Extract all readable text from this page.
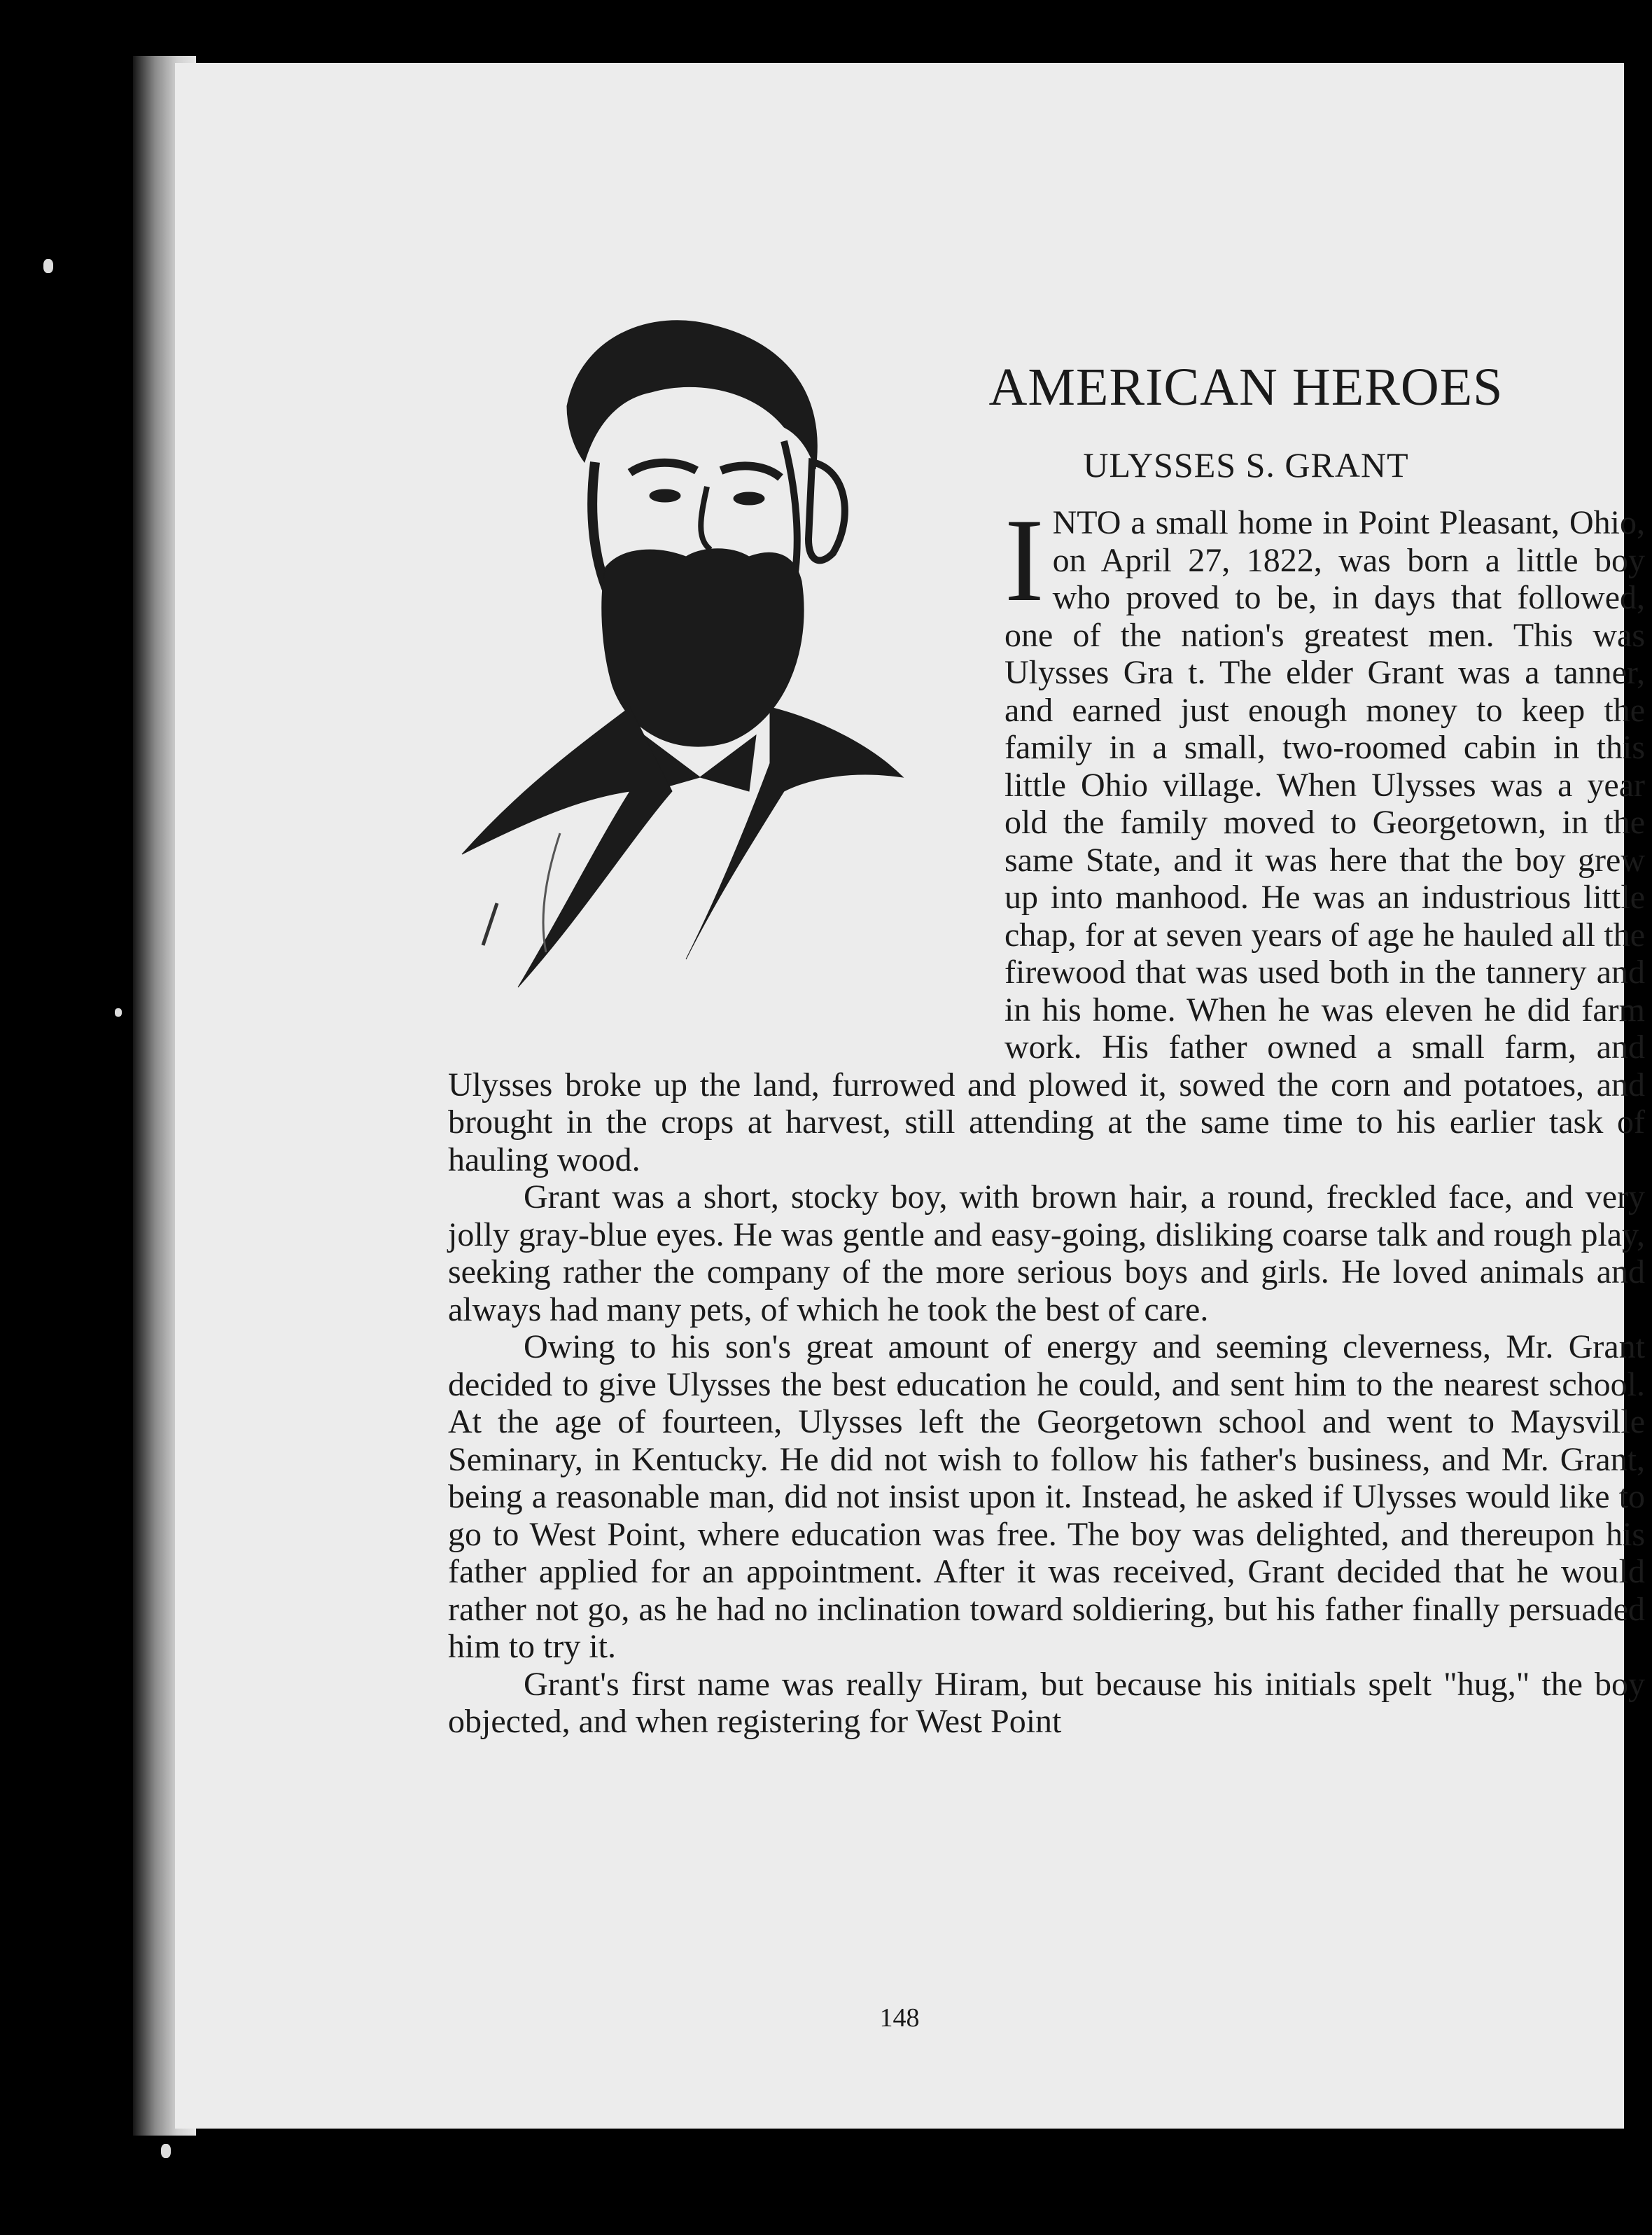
AMERICAN HEROES
ULYSSES S. GRANT

INTO a small home in Point Pleasant, Ohio, on April 27, 1822, was born a little boy who proved to be, in days that followed, one of the nation's greatest men. This was Ulysses Gra t. The elder Grant was a tanner, and earned just enough money to keep the family in a small, two-roomed cabin in this little Ohio village. When Ulysses was a year old the family moved to Georgetown, in the same State, and it was here that the boy grew up into manhood. He was an industrious little chap, for at seven years of age he hauled all the firewood that was used both in the tannery and in his home. When he was eleven he did farm work. His father owned a small farm, and Ulysses broke up the land, furrowed and plowed it, sowed the corn and potatoes, and brought in the crops at harvest, still attending at the same time to his earlier task of hauling wood.

Grant was a short, stocky boy, with brown hair, a round, freckled face, and very jolly gray-blue eyes. He was gentle and easy-going, disliking coarse talk and rough play, seeking rather the company of the more serious boys and girls. He loved animals and always had many pets, of which he took the best of care.

Owing to his son's great amount of energy and seeming cleverness, Mr. Grant decided to give Ulysses the best education he could, and sent him to the nearest school. At the age of fourteen, Ulysses left the Georgetown school and went to Maysville Seminary, in Kentucky. He did not wish to follow his father's business, and Mr. Grant, being a reasonable man, did not insist upon it. Instead, he asked if Ulysses would like to go to West Point, where education was free. The boy was delighted, and thereupon his father applied for an appointment. After it was received, Grant decided that he would rather not go, as he had no inclination toward soldiering, but his father finally persuaded him to try it.

Grant's first name was really Hiram, but because his initials spelt "hug," the boy objected, and when registering for West Point

148
